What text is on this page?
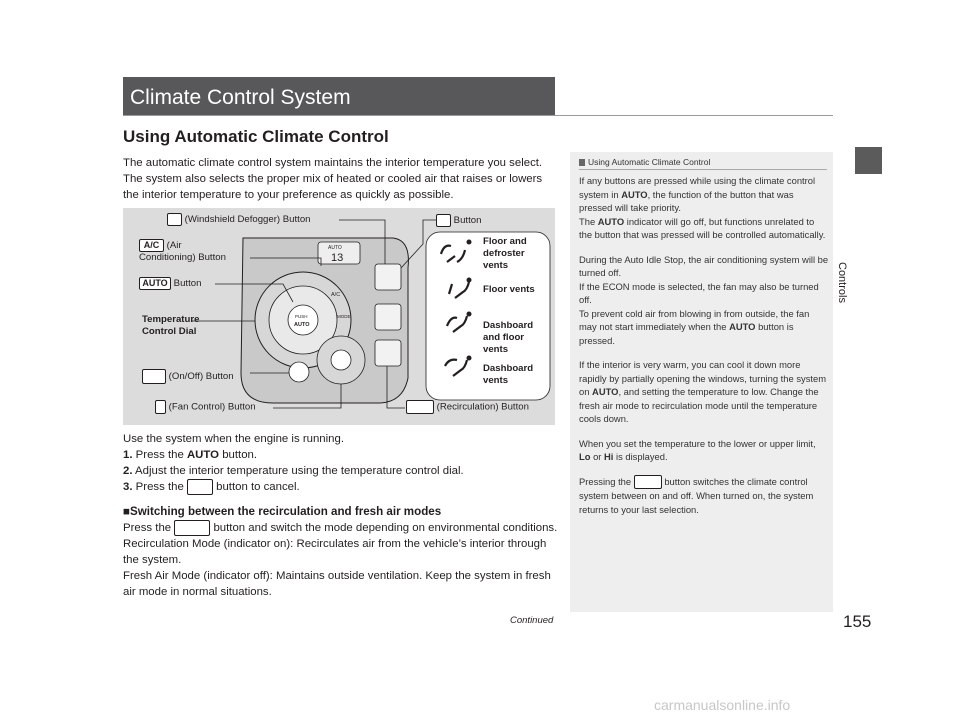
Climate Control System
Controls
Using Automatic Climate Control
The automatic climate control system maintains the interior temperature you select. The system also selects the proper mix of heated or cooled air that raises or lowers the interior temperature to your preference as quickly as possible.
AUTO
13
PUSH
AUTO
A/C
MODE
(Windshield Defogger) Button	Button
A/C (Air
Conditioning) Button
AUTO Button
Temperature
Control Dial
(On/Off) Button
(Fan Control) Button	(Recirculation) Button
Floor and
defroster
vents
Floor vents
Dashboard
and floor
vents
Dashboard
vents
Use the system when the engine is running.
1. Press the AUTO button.
2. Adjust the interior temperature using the temperature control dial.
3. Press the  button to cancel.
■Switching between the recirculation and fresh air modes
Press the	button and switch the mode depending on environmental conditions.
Recirculation Mode (indicator on): Recirculates air from the vehicle’s interior through the system.
Fresh Air Mode (indicator off): Maintains outside ventilation. Keep the system in fresh air mode in normal situations.
Using Automatic Climate Control

If any buttons are pressed while using the climate control system in AUTO, the function of the button that was pressed will take priority.
The AUTO indicator will go off, but functions unrelated to the button that was pressed will be controlled automatically.

During the Auto Idle Stop, the air conditioning system will be turned off.
If the ECON mode is selected, the fan may also be turned off.
To prevent cold air from blowing in from outside, the fan may not start immediately when the AUTO button is pressed.

If the interior is very warm, you can cool it down more rapidly by partially opening the windows, turning the system on AUTO, and setting the temperature to low. Change the fresh air mode to recirculation mode until the temperature cools down.

When you set the temperature to the lower or upper limit, Lo or Hi is displayed.

Pressing the	button switches the climate control system between on and off. When turned on, the system returns to your last selection.

Continued	155
carmanualsonline.info
